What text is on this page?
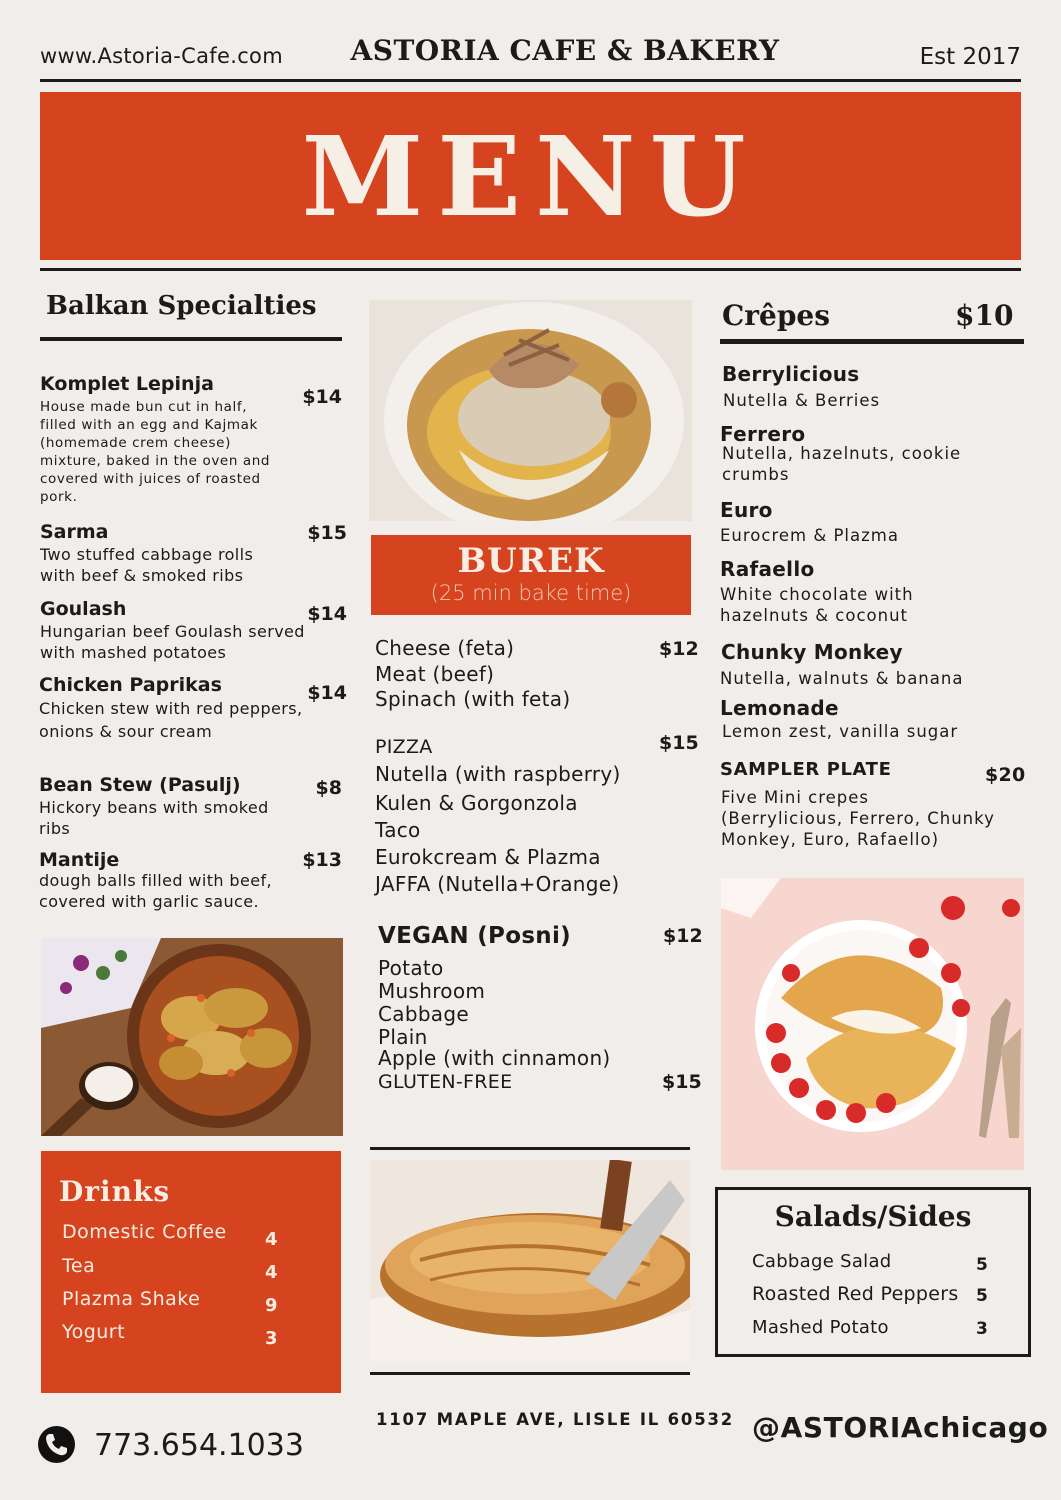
www.Astoria-Cafe.com	ASTORIA CAFE & BAKERY	Est 2017
MENU
Balkan Specialties
Komplet Lepinja
House made bun cut in half, filled with an egg and Kajmak (homemade crem cheese) mixture, baked in the oven and covered with juices of roasted pork.
$14
Sarma
Two stuffed cabbage rolls with beef & smoked ribs
$15
Goulash
Hungarian beef Goulash served with mashed potatoes
$14
Chicken Paprikas
Chicken stew with red peppers, onions & sour cream
$14
Bean Stew (Pasulj)
Hickory beans with smoked ribs
$8
Mantije
dough balls filled with beef, covered with garlic sauce.
$13
Drinks
Domestic Coffee 4
Tea	4
Plazma Shake	9
Yogurt	3
BUREK
(25 min bake time)
Cheese (feta)
Meat (beef)
Spinach (with feta)
$12
PIZZA
Nutella (with raspberry)
Kulen & Gorgonzola
Taco
Eurokcream & Plazma
JAFFA (Nutella+Orange)
$15
VEGAN (Posni)	$12
Potato
Mushroom
Cabbage
Plain
Apple (with cinnamon)
GLUTEN-FREE	$15
Crêpes	$10
Berrylicious
Nutella & Berries
Ferrero
Nutella, hazelnuts, cookie crumbs
Euro
Eurocrem & Plazma
Rafaello
White chocolate with hazelnuts & coconut
Chunky Monkey
Nutella, walnuts & banana
Lemonade
Lemon zest, vanilla sugar
SAMPLER PLATE	$20
Five Mini crepes (Berrylicious, Ferrero, Chunky Monkey, Euro, Rafaello)
Salads/Sides
Cabbage Salad	5
Roasted Red Peppers 5
Mashed Potato	3
773.654.1033
1107 MAPLE AVE, LISLE IL 60532 @ASTORIAchicago
